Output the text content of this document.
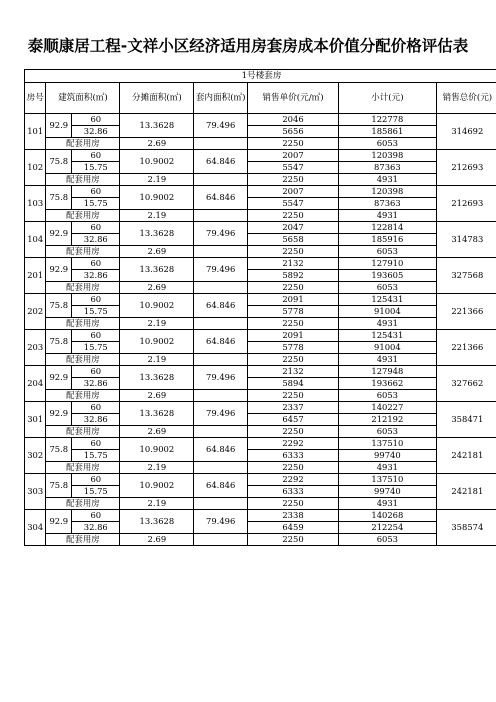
泰顺康居工程-文祥小区经济适用房套房成本价值分配价格评估表
1号楼套房							
房号	建筑面积(㎡)		分摊面积(㎡)	套内面积(㎡)	销售单价(元/㎡)	小计(元)	销售总价(元)
101	92.9	60	13.3628	79.496	2046	122778	314692
		32.86			5656	185861	
	配套用房		2.69		2250	6053	
102	75.8	60	10.9002	64.846	2007	120398	212693
		15.75			5547	87363	
	配套用房		2.19		2250	4931	
103	75.8	60	10.9002	64.846	2007	120398	212693
		15.75			5547	87363	
	配套用房		2.19		2250	4931	
104	92.9	60	13.3628	79.496	2047	122814	314783
		32.86			5658	185916	
	配套用房		2.69		2250	6053	
201	92.9	60	13.3628	79.496	2132	127910	327568
		32.86			5892	193605	
	配套用房		2.69		2250	6053	
202	75.8	60	10.9002	64.846	2091	125431	221366
		15.75			5778	91004	
	配套用房		2.19		2250	4931	
203	75.8	60	10.9002	64.846	2091	125431	221366
		15.75			5778	91004	
	配套用房		2.19		2250	4931	
204	92.9	60	13.3628	79.496	2132	127948	327662
		32.86			5894	193662	
	配套用房		2.69		2250	6053	
301	92.9	60	13.3628	79.496	2337	140227	358471
		32.86			6457	212192	
	配套用房		2.69		2250	6053	
302	75.8	60	10.9002	64.846	2292	137510	242181
		15.75			6333	99740	
	配套用房		2.19		2250	4931	
303	75.8	60	10.9002	64.846	2292	137510	242181
		15.75			6333	99740	
	配套用房		2.19		2250	4931	
304	92.9	60	13.3628	79.496	2338	140268	358574
		32.86			6459	212254	
	配套用房		2.69		2250	6053	
